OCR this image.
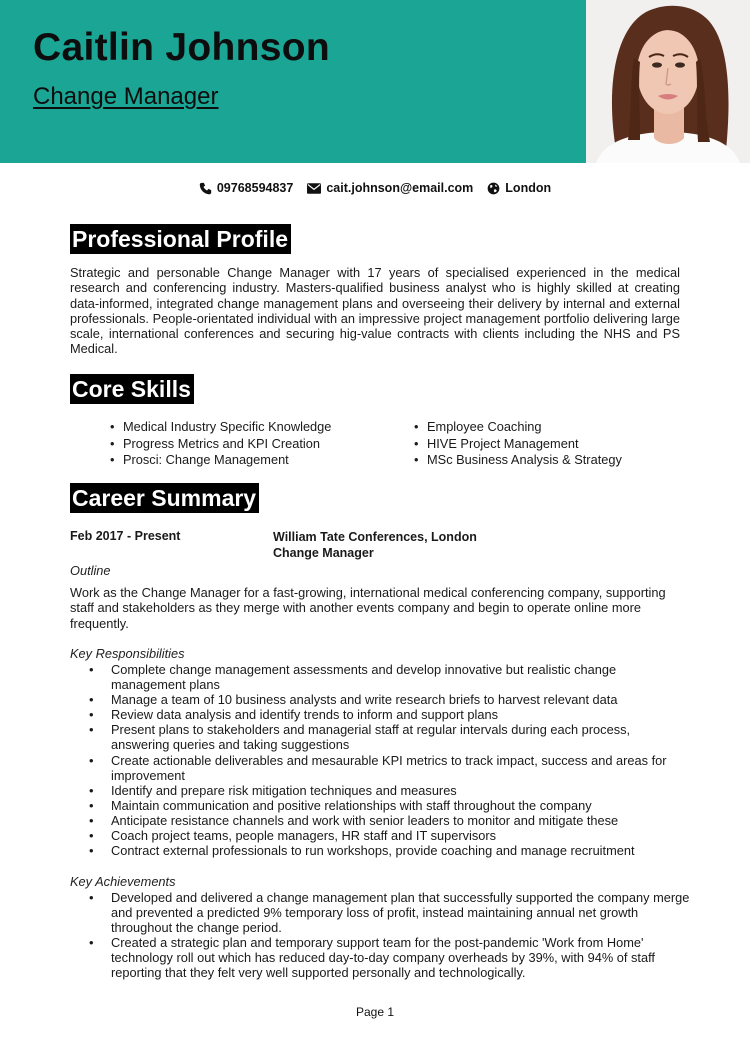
Caitlin Johnson
Change Manager
09768594837	cait.johnson@email.com	London
Professional Profile

Strategic and personable Change Manager with 17 years of specialised experienced in the medical research and conferencing industry. Masters-qualified business analyst who is highly skilled at creating data-informed, integrated change management plans and overseeing their delivery by internal and external professionals. People-orientated individual with an impressive project management portfolio delivering large scale, international conferences and securing hig-value contracts with clients including the NHS and PS Medical.

Core Skills
• Medical Industry Specific Knowledge
• Progress Metrics and KPI Creation
• Prosci: Change Management
• Employee Coaching
• HIVE Project Management
• MSc Business Analysis & Strategy
Career Summary
Feb 2017 - Present	William Tate Conferences, London
Change Manager
Outline

Work as the Change Manager for a fast-growing, international medical conferencing company, supporting staff and stakeholders as they merge with another events company and begin to operate online more frequently.

Key Responsibilities
• Complete change management assessments and develop innovative but realistic change management plans
• Manage a team of 10 business analysts and write research briefs to harvest relevant data
• Review data analysis and identify trends to inform and support plans
• Present plans to stakeholders and managerial staff at regular intervals during each process, answering queries and taking suggestions
• Create actionable deliverables and mesaurable KPI metrics to track impact, success and areas for improvement
• Identify and prepare risk mitigation techniques and measures
• Maintain communication and positive relationships with staff throughout the company
• Anticipate resistance channels and work with senior leaders to monitor and mitigate these
• Coach project teams, people managers, HR staff and IT supervisors
• Contract external professionals to run workshops, provide coaching and manage recruitment
Key Achievements
• Developed and delivered a change management plan that successfully supported the company merge and prevented a predicted 9% temporary loss of profit, instead maintaining annual net growth throughout the change period.
• Created a strategic plan and temporary support team for the post-pandemic 'Work from Home' technology roll out which has reduced day-to-day company overheads by 39%, with 94% of staff reporting that they felt very well supported personally and technologically.
Page 1
